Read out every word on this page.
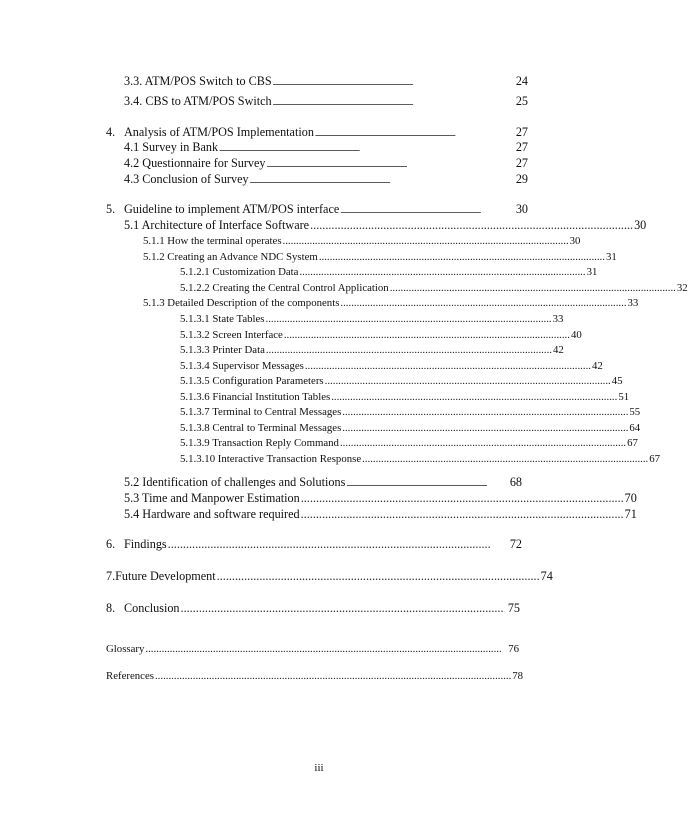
3.3. ATM/POS Switch to CBS ............................................................................................................................................	24
3.4. CBS to ATM/POS Switch ............................................................................................................................................	25
4. Analysis of ATM/POS Implementation ............................................................................................................................................	27
4.1 Survey in Bank ............................................................................................................................................	27
4.2 Questionnaire for Survey ............................................................................................................................................	27
4.3 Conclusion of Survey ............................................................................................................................................	29
5. Guideline to implement ATM/POS interface ............................................................................................................................................	30
5.1 Architecture of Interface Software .......................................................................................................... 30
5.1.1 How the terminal operates .......................................................................................................... 30
5.1.2 Creating an Advance NDC System .......................................................................................................... 31
5.1.2.1 Customization Data .......................................................................................................... 31
5.1.2.2 Creating the Central Control Application .......................................................................................................... 32
5.1.3 Detailed Description of the components .......................................................................................................... 33
5.1.3.1 State Tables .......................................................................................................... 33
5.1.3.2 Screen Interface .......................................................................................................... 40
5.1.3.3 Printer Data .......................................................................................................... 42
5.1.3.4 Supervisor Messages .......................................................................................................... 42
5.1.3.5 Configuration Parameters .......................................................................................................... 45
5.1.3.6 Financial Institution Tables .......................................................................................................... 51
5.1.3.7 Terminal to Central Messages .......................................................................................................... 55
5.1.3.8 Central to Terminal Messages .......................................................................................................... 64
5.1.3.9 Transaction Reply Command .......................................................................................................... 67
5.1.3.10 Interactive Transaction Response .......................................................................................................... 67
5.2 Identification of challenges and Solutions ............................................................................................................................................	68
5.3 Time and Manpower Estimation .......................................................................................................... 70
5.4 Hardware and software required .......................................................................................................... 71
6. Findings ..........................................................................................................	72
7. Future Development .......................................................................................................... 74
8. Conclusion .......................................................................................................... 75
Glossary .................................................................................................................................... 76
References .................................................................................................................................... 78
iii
